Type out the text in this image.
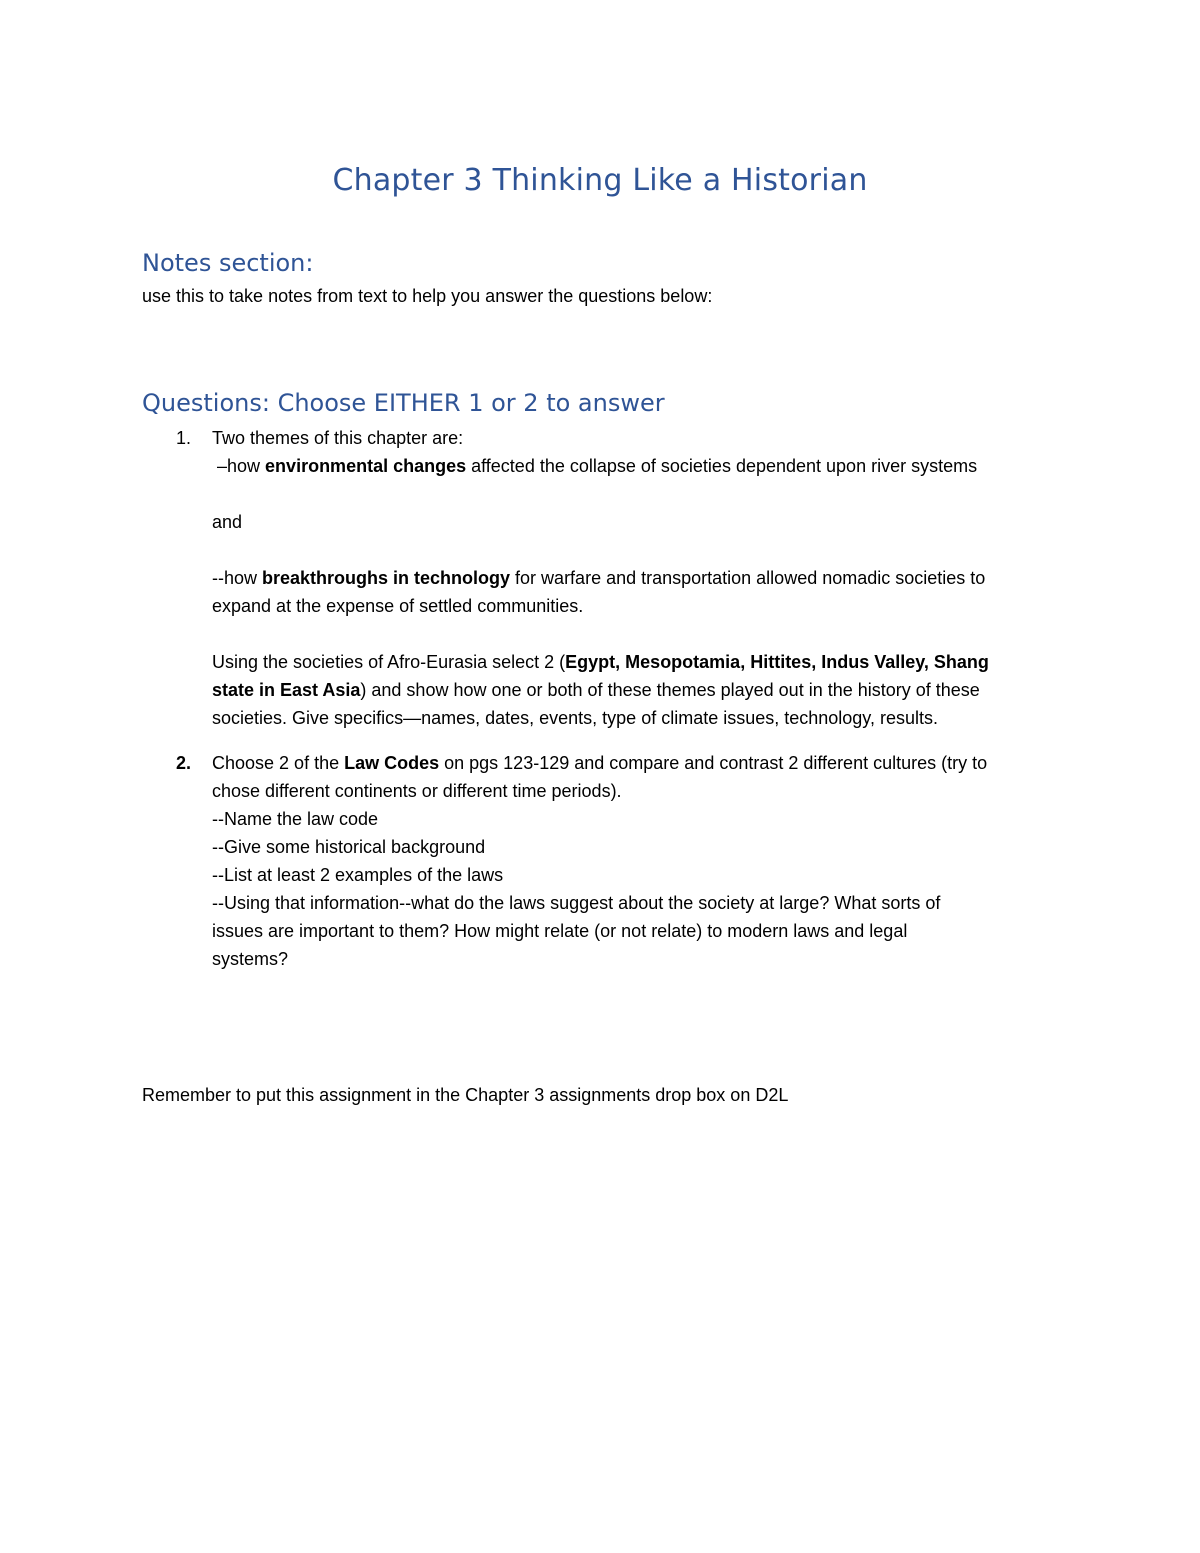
Chapter 3 Thinking Like a Historian
Notes section:
use this to take notes from text to help you answer the questions below:
Questions: Choose EITHER 1 or 2 to answer
1.	Two themes of this chapter are:

–how environmental changes affected the collapse of societies dependent upon river systems

and

--how breakthroughs in technology for warfare and transportation allowed nomadic societies to

expand at the expense of settled communities.

Using the societies of Afro-Eurasia select 2 (Egypt, Mesopotamia, Hittites, Indus Valley, Shang

state in East Asia) and show how one or both of these themes played out in the history of these

societies. Give specifics—names, dates, events, type of climate issues, technology, results.

2.	Choose 2 of the Law Codes on pgs 123-129 and compare and contrast 2 different cultures (try to

chose different continents or different time periods).

--Name the law code

--Give some historical background

--List at least 2 examples of the laws

--Using that information--what do the laws suggest about the society at large? What sorts of

issues are important to them? How might relate (or not relate) to modern laws and legal

systems?

Remember to put this assignment in the Chapter 3 assignments drop box on D2L
